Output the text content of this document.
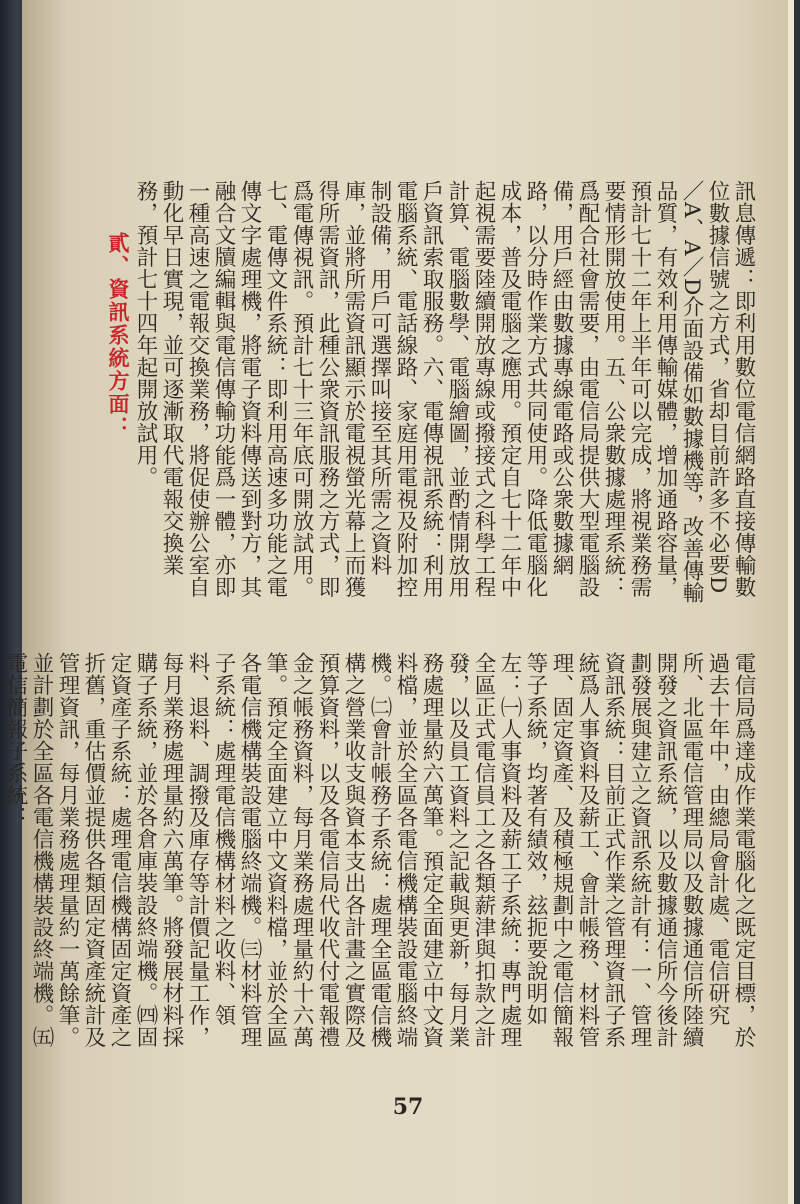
貳、資訊系統方面：	訊息傳遞：即利用數位電信網路直接傳輸數位數據信號之方式，省却目前許多不必要D／A、A／D介面設備如數據機等，改善傳輸品質，有效利用傳輸媒體，增加通路容量，預計七十二年上半年可以完成，將視業務需要情形開放使用。五、公衆數據處理系統：爲配合社會需要，由電信局提供大型電腦設備，用戶經由數據專線電路或公衆數據網路，以分時作業方式共同使用。降低電腦化成本，普及電腦之應用。預定自七十二年中起視需要陸續開放專線或撥接式之科學工程計算、電腦數學、電腦繪圖，並酌情開放用戶資訊索取服務。六、電傳視訊系統：利用電腦系統、電話線路、家庭用電視及附加控制設備，用戶可選擇叫接至其所需之資料庫，並將所需資訊顯示於電視螢光幕上而獲得所需資訊，此種公衆資訊服務之方式，即爲電傳視訊。預計七十三年底可開放試用。七、電傳文件系統：即利用高速多功能之電傳文字處理機，將電子資料傳送到對方，其融合文牘編輯與電信傳輸功能爲一體，亦即一種高速之電報交換業務，將促使辦公室自動化早日實現，並可逐漸取代電報交換業務，預計七十四年起開放試用。
電信局爲達成作業電腦化之既定目標，於過去十年中，由總局會計處、電信研究所、北區電信管理局以及數據通信所陸續開發之資訊系統，以及數據通信所今後計劃發展與建立之資訊系統計有：一、管理資訊系統：目前正式作業之管理資訊子系統爲人事資料及薪工、會計帳務、材料管理、固定資產、及積極規劃中之電信簡報等子系統，均著有績效，玆扼要說明如左：㈠人事資料及薪工子系統：專門處理全區正式電信員工之各類薪津與扣款之計發，以及員工資料之記載與更新，每月業務處理量約六萬筆。預定全面建立中文資料檔，並於全區各電信機構裝設電腦終端機。㈡會計帳務子系統：處理全區電信機構之營業收支與資本支出各計畫之實際及預算資料，以及各電信局代收代付電報禮金之帳務資料，每月業務處理量約十六萬筆。預定全面建立中文資料檔，並於全區各電信機構裝設電腦終端機。㈢材料管理子系統：處理電信機構材料之收料、領料、退料、調撥及庫存等計價記量工作，每月業務處理量約六萬筆。將發展材料採購子系統，並於各倉庫裝設終端機。㈣固定資產子系統：處理電信機構固定資產之折舊，重估價並提供各類固定資產統計及管理資訊，每月業務處理量約一萬餘筆。並計劃於全區各電信機構裝設終端機。㈤電信簡報子系統：
57
